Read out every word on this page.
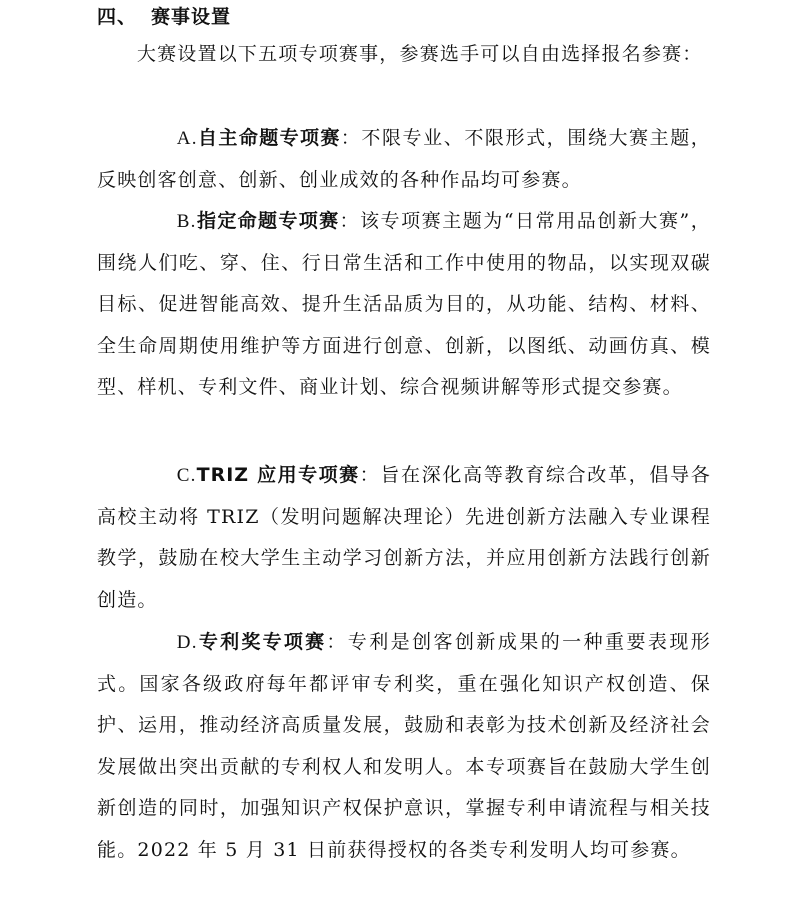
四、 赛事设置

大赛设置以下五项专项赛事，参赛选手可以自由选择报名参赛：

A.自主命题专项赛：不限专业、不限形式，围绕大赛主题，反映创客创意、创新、创业成效的各种作品均可参赛。

B.指定命题专项赛：该专项赛主题为“日常用品创新大赛”，围绕人们吃、穿、住、行日常生活和工作中使用的物品，以实现双碳目标、促进智能高效、提升生活品质为目的，从功能、结构、材料、全生命周期使用维护等方面进行创意、创新，以图纸、动画仿真、模型、样机、专利文件、商业计划、综合视频讲解等形式提交参赛。

C.TRIZ 应用专项赛：旨在深化高等教育综合改革，倡导各高校主动将 TRIZ（发明问题解决理论）先进创新方法融入专业课程教学，鼓励在校大学生主动学习创新方法，并应用创新方法践行创新创造。

D.专利奖专项赛：专利是创客创新成果的一种重要表现形式。国家各级政府每年都评审专利奖，重在强化知识产权创造、保护、运用，推动经济高质量发展，鼓励和表彰为技术创新及经济社会发展做出突出贡献的专利权人和发明人。本专项赛旨在鼓励大学生创新创造的同时，加强知识产权保护意识，掌握专利申请流程与相关技能。2022 年 5 月 31 日前获得授权的各类专利发明人均可参赛。
